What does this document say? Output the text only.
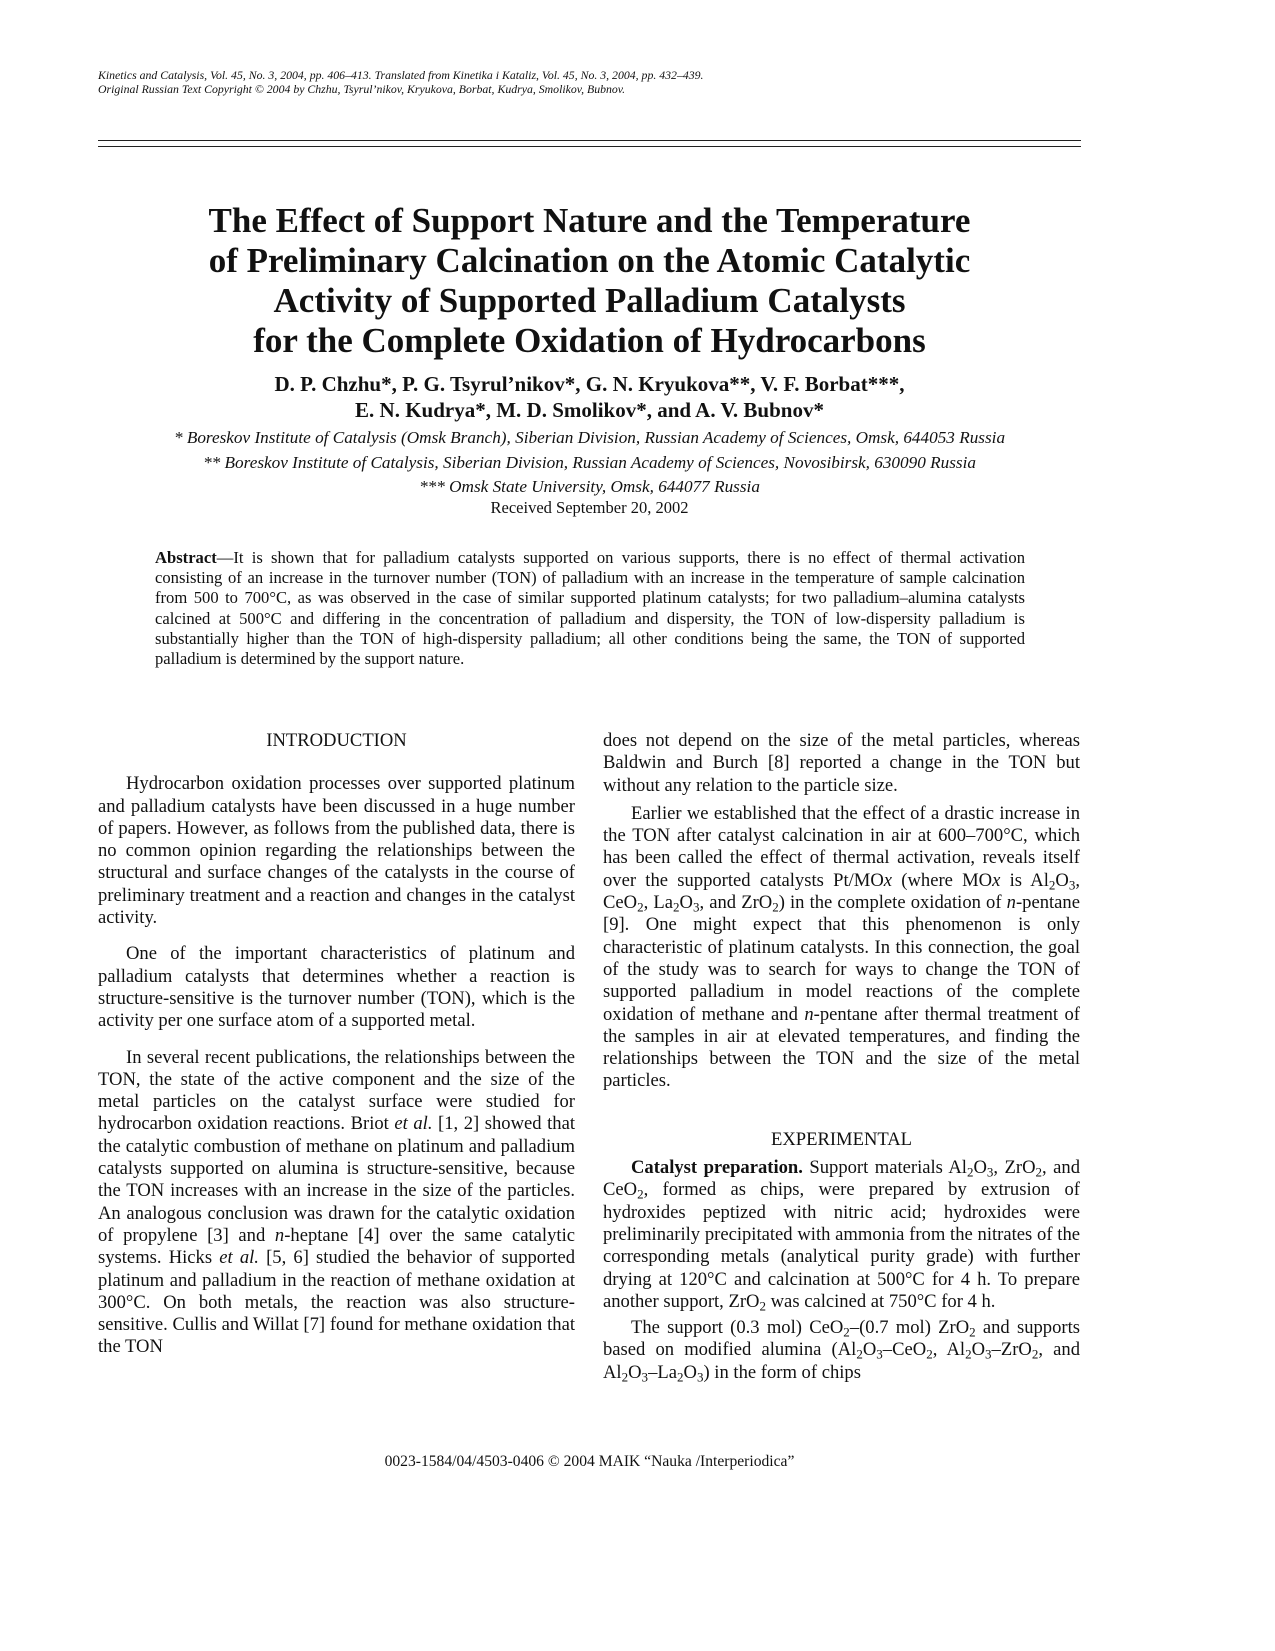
Kinetics and Catalysis, Vol. 45, No. 3, 2004, pp. 406–413. Translated from Kinetika i Kataliz, Vol. 45, No. 3, 2004, pp. 432–439.
Original Russian Text Copyright © 2004 by Chzhu, Tsyrul’nikov, Kryukova, Borbat, Kudrya, Smolikov, Bubnov.
The Effect of Support Nature and the Temperature
of Preliminary Calcination on the Atomic Catalytic
Activity of Supported Palladium Catalysts
for the Complete Oxidation of Hydrocarbons
D. P. Chzhu*, P. G. Tsyrul’nikov*, G. N. Kryukova**, V. F. Borbat***,
E. N. Kudrya*, M. D. Smolikov*, and A. V. Bubnov*
* Boreskov Institute of Catalysis (Omsk Branch), Siberian Division, Russian Academy of Sciences, Omsk, 644053 Russia
** Boreskov Institute of Catalysis, Siberian Division, Russian Academy of Sciences, Novosibirsk, 630090 Russia
*** Omsk State University, Omsk, 644077 Russia
Received September 20, 2002
Abstract—It is shown that for palladium catalysts supported on various supports, there is no effect of thermal activation consisting of an increase in the turnover number (TON) of palladium with an increase in the temperature of sample calcination from 500 to 700°C, as was observed in the case of similar supported platinum catalysts; for two palladium–alumina catalysts calcined at 500°C and differing in the concentration of palladium and dispersity, the TON of low-dispersity palladium is substantially higher than the TON of high-dispersity palladium; all other conditions being the same, the TON of supported palladium is determined by the support nature.
INTRODUCTION

Hydrocarbon oxidation processes over supported platinum and palladium catalysts have been discussed in a huge number of papers. However, as follows from the published data, there is no common opinion regarding the relationships between the structural and surface changes of the catalysts in the course of preliminary treatment and a reaction and changes in the catalyst activity.

One of the important characteristics of platinum and palladium catalysts that determines whether a reaction is structure-sensitive is the turnover number (TON), which is the activity per one surface atom of a supported metal.

In several recent publications, the relationships between the TON, the state of the active component and the size of the metal particles on the catalyst surface were studied for hydrocarbon oxidation reactions. Briot et al. [1, 2] showed that the catalytic combustion of methane on platinum and palladium catalysts supported on alumina is structure-sensitive, because the TON increases with an increase in the size of the particles. An analogous conclusion was drawn for the catalytic oxidation of propylene [3] and n-heptane [4] over the same catalytic systems. Hicks et al. [5, 6] studied the behavior of supported platinum and palladium in the reaction of methane oxidation at 300°C. On both metals, the reaction was also structure-sensitive. Cullis and Willat [7] found for methane oxidation that the TON

does not depend on the size of the metal particles, whereas Baldwin and Burch [8] reported a change in the TON but without any relation to the particle size.

Earlier we established that the effect of a drastic increase in the TON after catalyst calcination in air at 600–700°C, which has been called the effect of thermal activation, reveals itself over the supported catalysts Pt/MOx (where MOx is $Al_2O_3$, CeO$_2$, $La_2O_3$, and ZrO$_2$) in the complete oxidation of n-pentane [9]. One might expect that this phenomenon is only characteristic of platinum catalysts. In this connection, the goal of the study was to search for ways to change the TON of supported palladium in model reactions of the complete oxidation of methane and n-pentane after thermal treatment of the samples in air at elevated temperatures, and finding the relationships between the TON and the size of the metal particles.

EXPERIMENTAL

Catalyst preparation. Support materials $Al_2O_3$, ZrO$_2$, and CeO$_2$, formed as chips, were prepared by extrusion of hydroxides peptized with nitric acid; hydroxides were preliminarily precipitated with ammonia from the nitrates of the corresponding metals (analytical purity grade) with further drying at 120°C and calcination at 500°C for 4 h. To prepare another support, ZrO$_2$ was calcined at 750°C for 4 h.

The support (0.3 mol) CeO$_2$–(0.7 mol) ZrO$_2$ and supports based on modified alumina ($Al_2O_3-CeO_2$, $Al_2O_3-ZrO_2$, and $Al_2O_3-La_2O_3$) in the form of chips

0023-1584/04/4503-0406 © 2004 MAIK “Nauka /Interperiodica”
